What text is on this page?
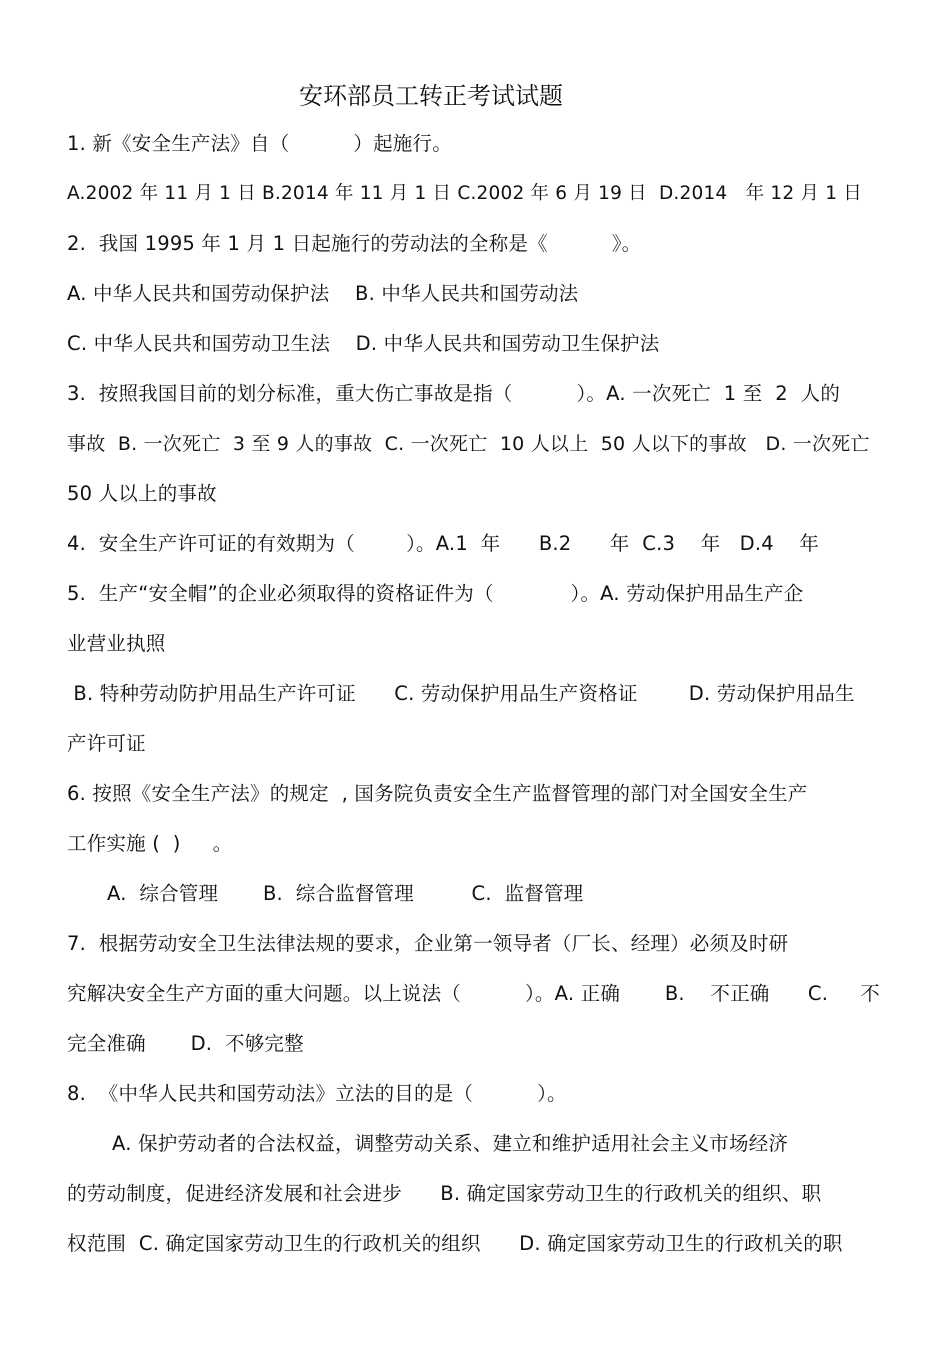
安环部员工转正考试试题
1. 新《安全生产法》自（          ）起施行。
A.2002 年 11 月 1 日 B.2014 年 11 月 1 日 C.2002 年 6 月 19 日  D.2014   年 12 月 1 日
2.  我国 1995 年 1 月 1 日起施行的劳动法的全称是《          》。
A. 中华人民共和国劳动保护法    B. 中华人民共和国劳动法
C. 中华人民共和国劳动卫生法    D. 中华人民共和国劳动卫生保护法
3.  按照我国目前的划分标准，重大伤亡事故是指（          ）。A. 一次死亡  1 至  2  人的
事故  B. 一次死亡  3 至 9 人的事故  C. 一次死亡  10 人以上  50 人以下的事故   D. 一次死亡
50 人以上的事故
4.  安全生产许可证的有效期为（        ）。A.1  年      B.2      年  C.3    年   D.4    年
5.  生产“安全帽”的企业必须取得的资格证件为（            ）。A. 劳动保护用品生产企
业营业执照
B. 特种劳动防护用品生产许可证      C. 劳动保护用品生产资格证        D. 劳动保护用品生
产许可证
6. 按照《安全生产法》的规定  , 国务院负责安全生产监督管理的部门对全国安全生产
工作实施 (  )     。
A.  综合管理       B.  综合监督管理         C.  监督管理
7.  根据劳动安全卫生法律法规的要求，企业第一领导者（厂长、经理）必须及时研
究解决安全生产方面的重大问题。以上说法（          ）。A. 正确       B.    不正确      C.     不
完全准确       D.  不够完整
8.  《中华人民共和国劳动法》立法的目的是（          ）。
A. 保护劳动者的合法权益，调整劳动关系、建立和维护适用社会主义市场经济
的劳动制度，促进经济发展和社会进步      B. 确定国家劳动卫生的行政机关的组织、职
权范围  C. 确定国家劳动卫生的行政机关的组织      D. 确定国家劳动卫生的行政机关的职
